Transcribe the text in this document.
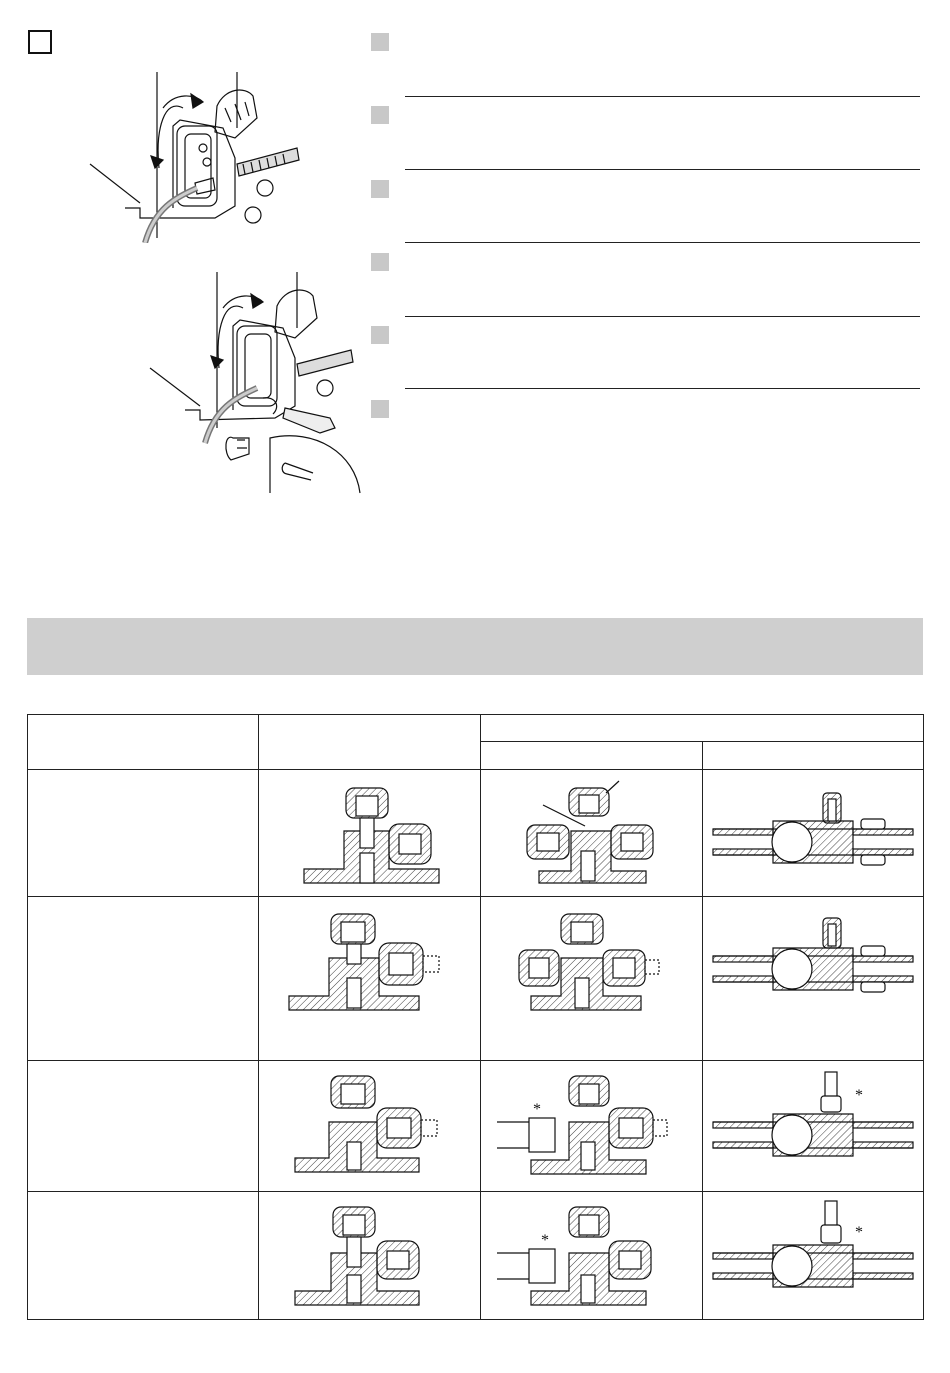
*	*

*	*
